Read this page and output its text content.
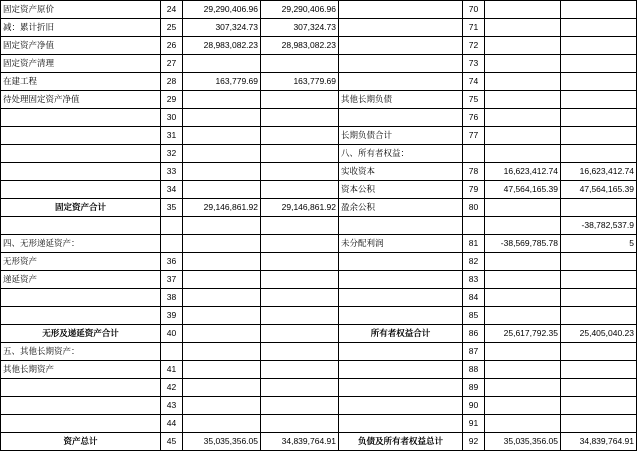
固定资产原价	24	29,290,406.96	29,290,406.96		70		
减：累计折旧	25	307,324.73	307,324.73		71		
固定资产净值	26	28,983,082.23	28,983,082.23		72		
固定资产清理	27				73		
在建工程	28	163,779.69	163,779.69		74		
待处理固定资产净值	29			其他长期负债	75		
	30				76		
	31			长期负债合计	77		
	32			八、所有者权益：			
	33			实收资本	78	16,623,412.74	16,623,412.74
	34			资本公积	79	47,564,165.39	47,564,165.39
固定资产合计	35	29,146,861.92	29,146,861.92	盈余公积	80		
							-38,782,537.9
四、无形递延资产：				未分配利润	81	-38,569,785.78	5
无形资产	36				82		
递延资产	37				83		
	38				84		
	39				85		
无形及递延资产合计	40			所有者权益合计	86	25,617,792.35	25,405,040.23
五、其他长期资产：					87		
其他长期资产	41				88		
	42				89		
	43				90		
	44				91		
资产总计	45	35,035,356.05	34,839,764.91	负债及所有者权益总计	92	35,035,356.05	34,839,764.91
